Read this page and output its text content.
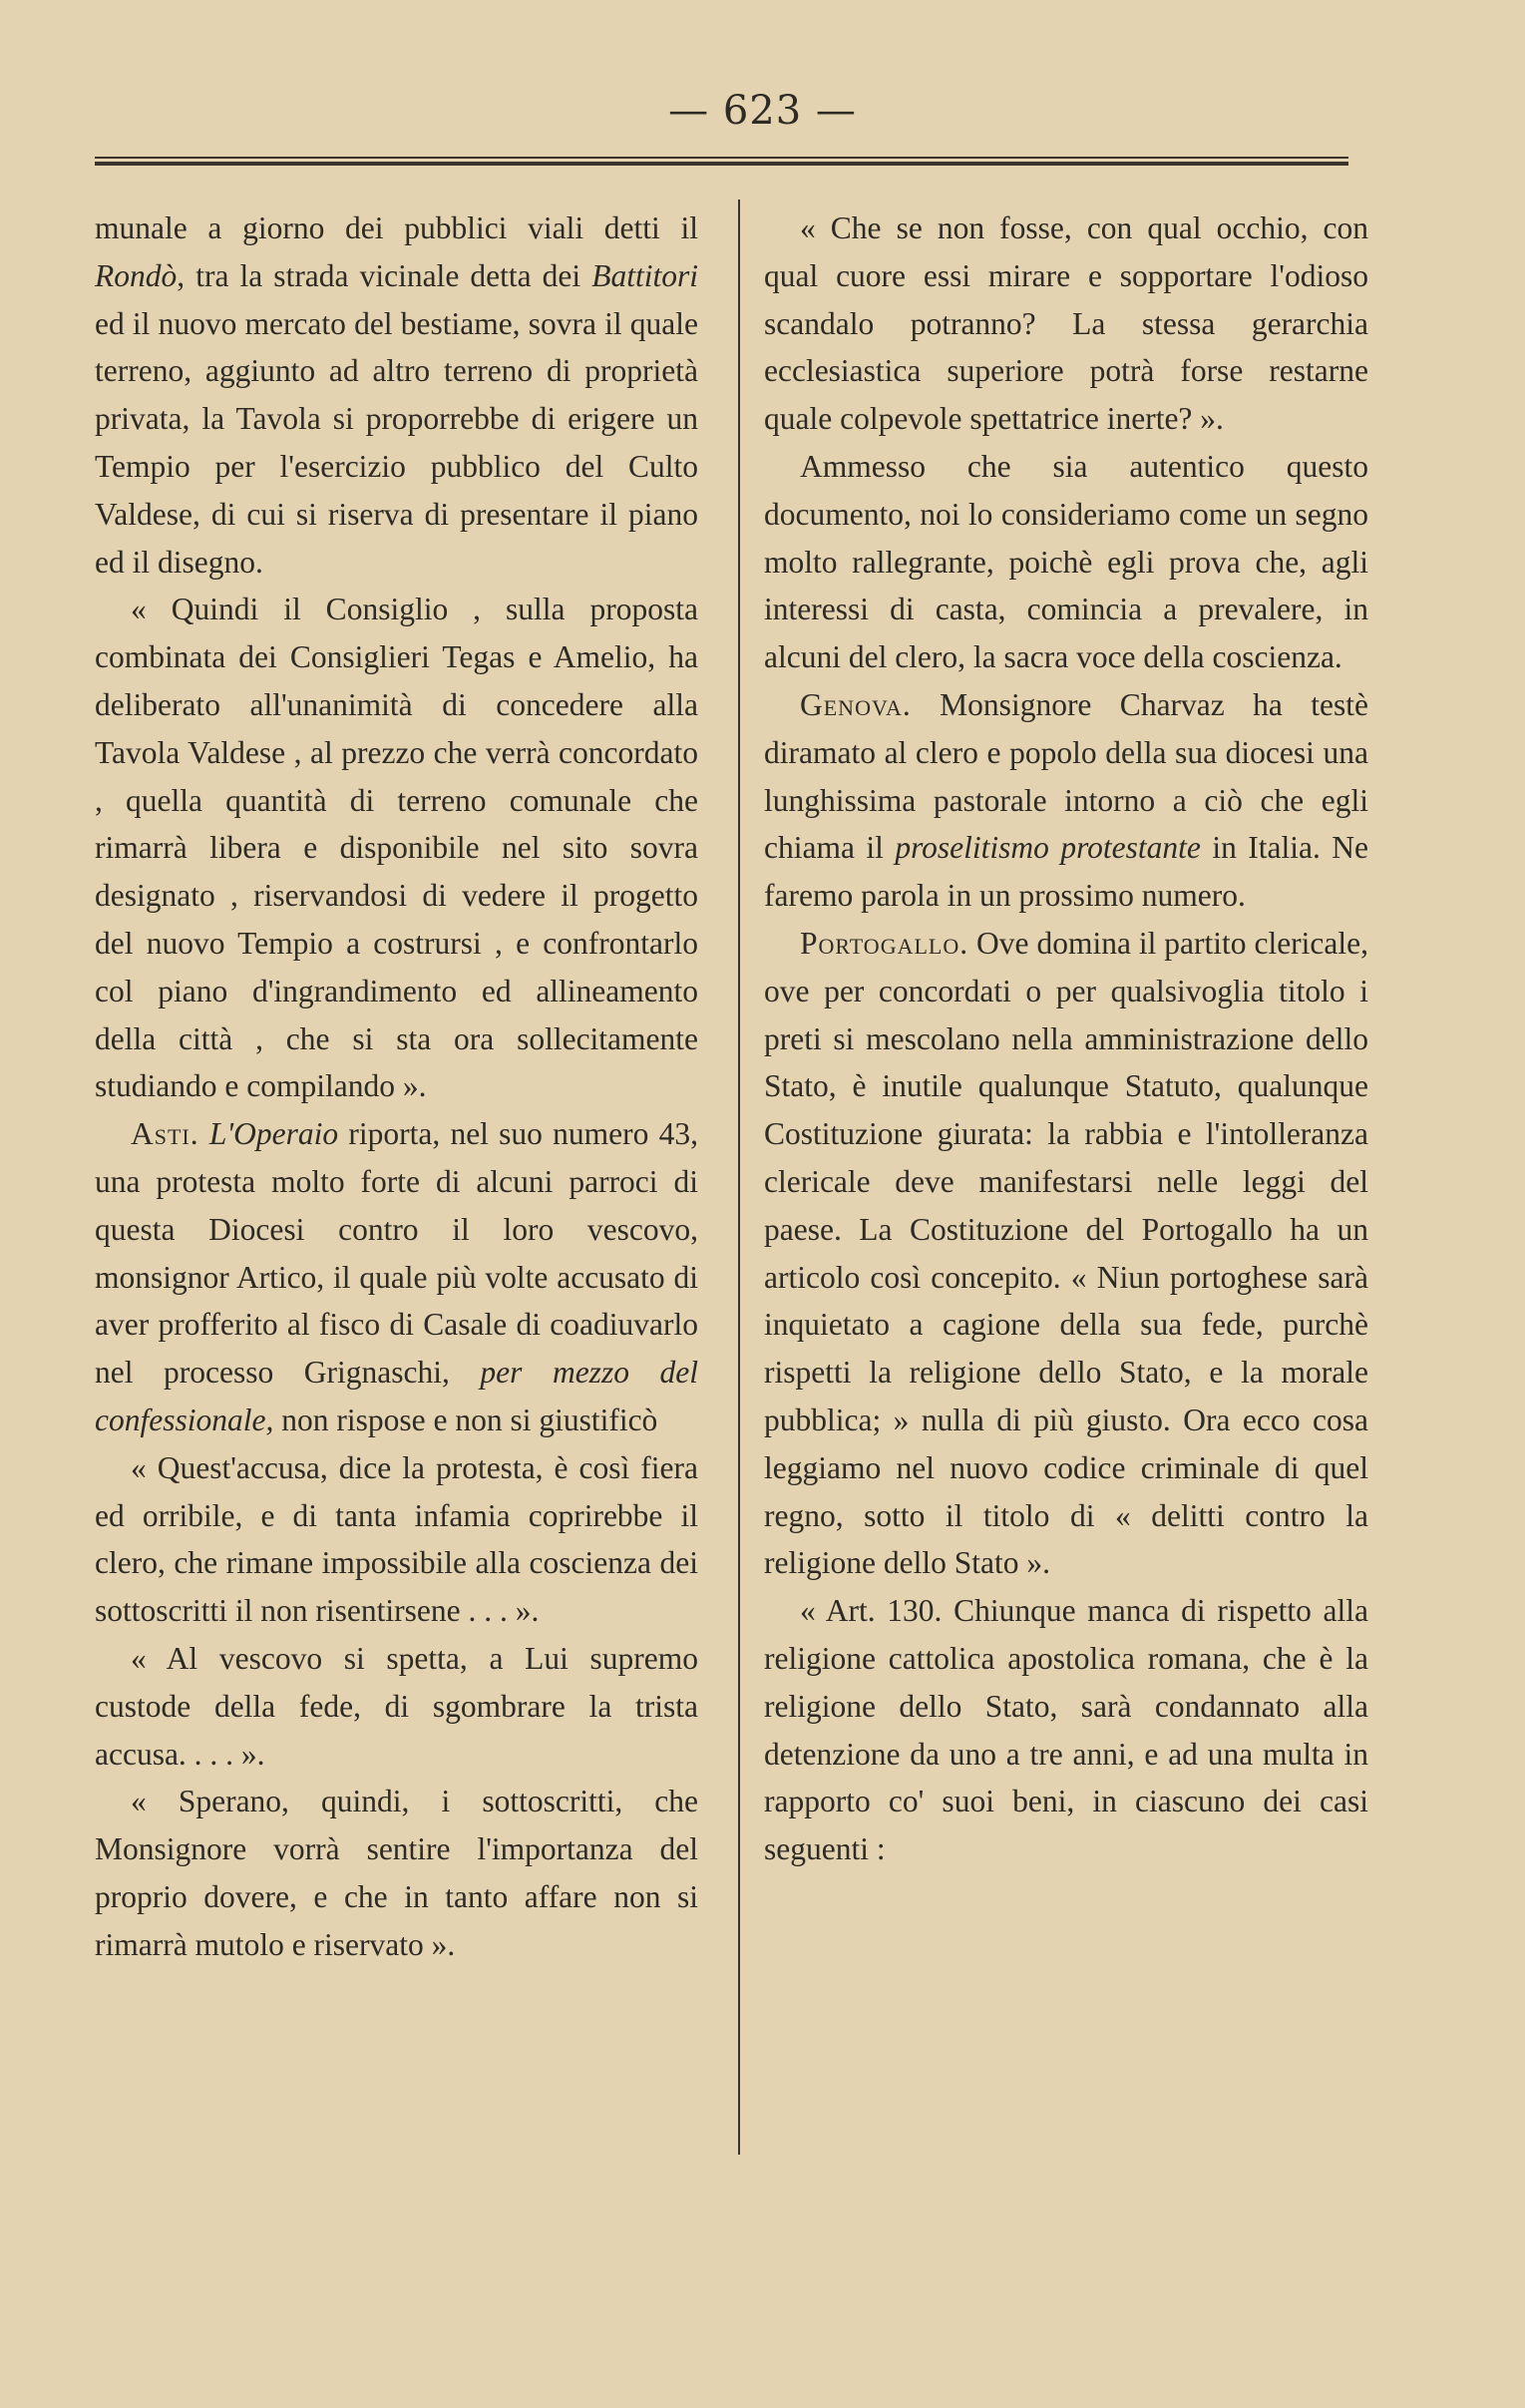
— 623 —

munale a giorno dei pubblici viali detti il Rondò, tra la strada vicinale detta dei Battitori ed il nuovo mercato del bestiame, sovra il quale terreno, aggiunto ad altro terreno di proprietà privata, la Tavola si proporrebbe di erigere un Tempio per l'esercizio pubblico del Culto Valdese, di cui si riserva di presentare il piano ed il disegno.

« Quindi il Consiglio , sulla proposta combinata dei Consiglieri Tegas e Amelio, ha deliberato all'unanimità di concedere alla Tavola Valdese , al prezzo che verrà concordato , quella quantità di terreno comunale che rimarrà libera e disponibile nel sito sovra designato , riservandosi di vedere il progetto del nuovo Tempio a costrursi , e confrontarlo col piano d'ingrandimento ed allineamento della città , che si sta ora sollecitamente studiando e compilando ».

Asti. L'Operaio riporta, nel suo numero 43, una protesta molto forte di alcuni parroci di questa Diocesi contro il loro vescovo, monsignor Artico, il quale più volte accusato di aver profferito al fisco di Casale di coadiuvarlo nel processo Grignaschi, per mezzo del confessionale, non rispose e non si giustificò

« Quest'accusa, dice la protesta, è così fiera ed orribile, e di tanta infamia coprirebbe il clero, che rimane impossibile alla coscienza dei sottoscritti il non risentirsene . . . ».

« Al vescovo si spetta, a Lui supremo custode della fede, di sgombrare la trista accusa. . . . ».

« Sperano, quindi, i sottoscritti, che Monsignore vorrà sentire l'importanza del proprio dovere, e che in tanto affare non si rimarrà mutolo e riservato ».

« Che se non fosse, con qual occhio, con qual cuore essi mirare e sopportare l'odioso scandalo potranno? La stessa gerarchia ecclesiastica superiore potrà forse restarne quale colpevole spettatrice inerte? ».

Ammesso che sia autentico questo documento, noi lo consideriamo come un segno molto rallegrante, poichè egli prova che, agli interessi di casta, comincia a prevalere, in alcuni del clero, la sacra voce della coscienza.

Genova. Monsignore Charvaz ha testè diramato al clero e popolo della sua diocesi una lunghissima pastorale intorno a ciò che egli chiama il proselitismo protestante in Italia. Ne faremo parola in un prossimo numero.

Portogallo. Ove domina il partito clericale, ove per concordati o per qualsivoglia titolo i preti si mescolano nella amministrazione dello Stato, è inutile qualunque Statuto, qualunque Costituzione giurata: la rabbia e l'intolleranza clericale deve manifestarsi nelle leggi del paese. La Costituzione del Portogallo ha un articolo così concepito. « Niun portoghese sarà inquietato a cagione della sua fede, purchè rispetti la religione dello Stato, e la morale pubblica; » nulla di più giusto. Ora ecco cosa leggiamo nel nuovo codice criminale di quel regno, sotto il titolo di « delitti contro la religione dello Stato ».

« Art. 130. Chiunque manca di rispetto alla religione cattolica apostolica romana, che è la religione dello Stato, sarà condannato alla detenzione da uno a tre anni, e ad una multa in rapporto co' suoi beni, in ciascuno dei casi seguenti :
